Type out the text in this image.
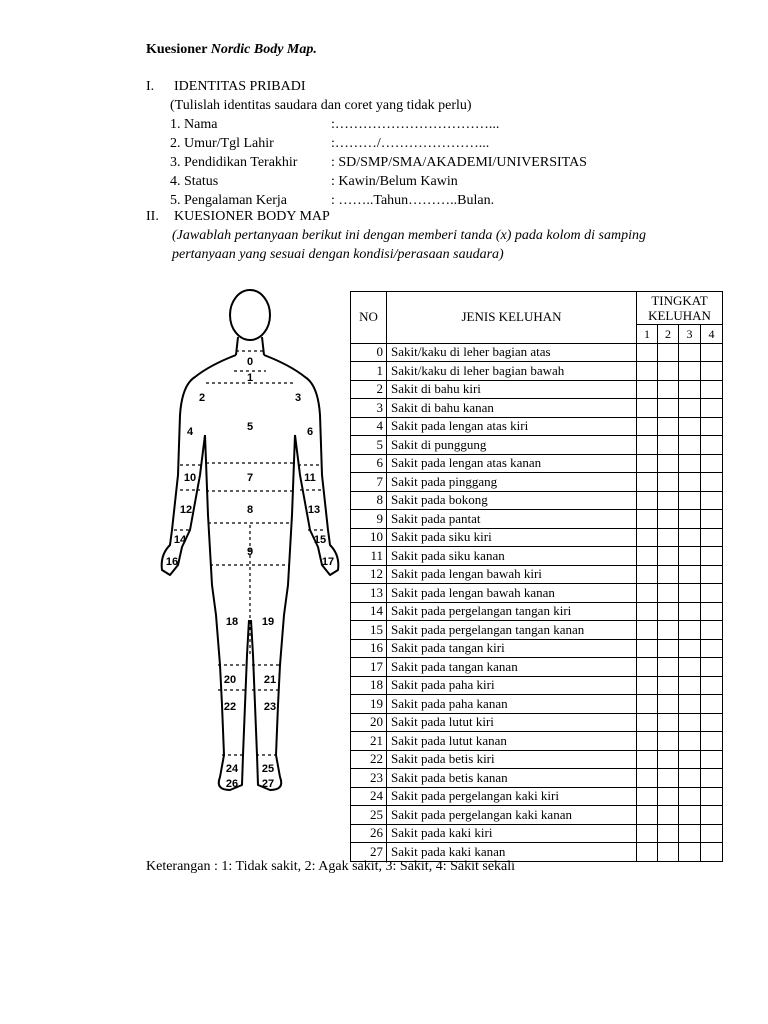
Kuesioner Nordic Body Map.
I. IDENTITAS PRIBADI
(Tulislah identitas saudara dan coret yang tidak perlu)
1. Nama	:……………………………...
2. Umur/Tgl Lahir	:………/…………………...
3. Pendidikan Terakhir : SD/SMP/SMA/AKADEMI/UNIVERSITAS
4. Status	: Kawin/Belum Kawin
5. Pengalaman Kerja	: ……..Tahun………..Bulan.
II. KUESIONER BODY MAP
(Jawablah pertanyaan berikut ini dengan memberi tanda (x) pada kolom di samping
pertanyaan yang sesuai dengan kondisi/perasaan saudara)
0
1
2	3
4	5	6
7
8
9
10	11
12	13
14	15
16	17
18 19
20	21
22	23
24 25
26 27
NO	JENIS KELUHAN	TINGKAT
KELUHAN			
		1	2	3	4
0	Sakit/kaku di leher bagian atas				
1	Sakit/kaku di leher bagian bawah				
2	Sakit di bahu kiri				
3	Sakit di bahu kanan				
4	Sakit pada lengan atas kiri				
5	Sakit di punggung				
6	Sakit pada lengan atas kanan				
7	Sakit pada pinggang				
8	Sakit pada bokong				
9	Sakit pada pantat				
10	Sakit pada siku kiri				
11	Sakit pada siku kanan				
12	Sakit pada lengan bawah kiri				
13	Sakit pada lengan bawah kanan				
14	Sakit pada pergelangan tangan kiri				
15	Sakit pada pergelangan tangan kanan				
16	Sakit pada tangan kiri				
17	Sakit pada tangan kanan				
18	Sakit pada paha kiri				
19	Sakit pada paha kanan				
20	Sakit pada lutut kiri				
21	Sakit pada lutut kanan				
22	Sakit pada betis kiri				
23	Sakit pada betis kanan				
24	Sakit pada pergelangan kaki kiri				
25	Sakit pada pergelangan kaki kanan				
26	Sakit pada kaki kiri				
27	Sakit pada kaki kanan				
Keterangan : 1: Tidak sakit, 2: Agak sakit, 3: Sakit, 4: Sakit sekali
